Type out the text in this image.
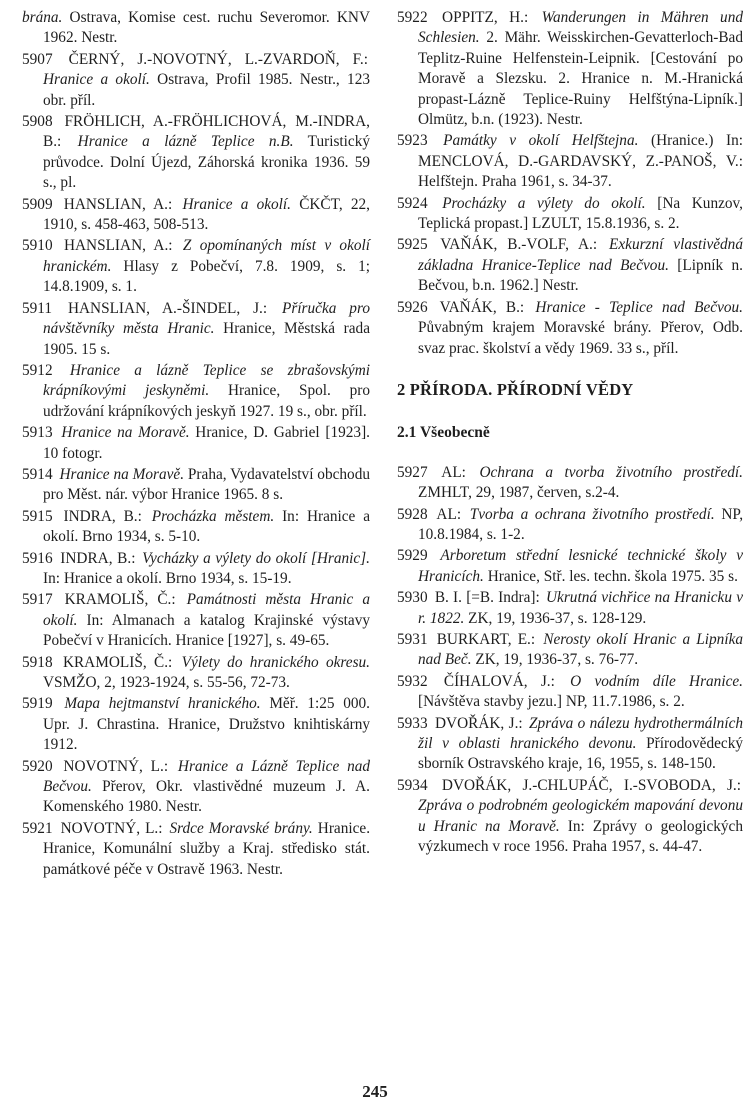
brána. Ostrava, Komise cest. ruchu Severomor. KNV 1962. Nestr.

5907 ČERNÝ, J.-NOVOTNÝ, L.-ZVARDOŇ, F.: Hranice a okolí. Ostrava, Profil 1985. Nestr., 123 obr. příl.

5908 FRÖHLICH, A.-FRÖHLICHOVÁ, M.-INDRA, B.: Hranice a lázně Teplice n.B. Turistický průvodce. Dolní Újezd, Záhorská kronika 1936. 59 s., pl.

5909 HANSLIAN, A.: Hranice a okolí. ČKČT, 22, 1910, s. 458-463, 508-513.

5910 HANSLIAN, A.: Z opomínaných míst v okolí hranickém. Hlasy z Pobečví, 7.8. 1909, s. 1; 14.8.1909, s. 1.

5911 HANSLIAN, A.-ŠINDEL, J.: Příručka pro návštěvníky města Hranic. Hranice, Městská rada 1905. 15 s.

5912 Hranice a lázně Teplice se zbrašovskými krápníkovými jeskyněmi. Hranice, Spol. pro udržování krápníkových jeskyň 1927. 19 s., obr. příl.

5913 Hranice na Moravě. Hranice, D. Gabriel [1923]. 10 fotogr.

5914 Hranice na Moravě. Praha, Vydavatelství obchodu pro Měst. nár. výbor Hranice 1965. 8 s.

5915 INDRA, B.: Procházka městem. In: Hranice a okolí. Brno 1934, s. 5-10.

5916 INDRA, B.: Vycházky a výlety do okolí [Hranic]. In: Hranice a okolí. Brno 1934, s. 15-19.

5917 KRAMOLIŠ, Č.: Památnosti města Hranic a okolí. In: Almanach a katalog Krajinské výstavy Pobečví v Hranicích. Hranice [1927], s. 49-65.

5918 KRAMOLIŠ, Č.: Výlety do hranického okresu. VSMŽO, 2, 1923-1924, s. 55-56, 72-73.

5919 Mapa hejtmanství hranického. Měř. 1:25 000. Upr. J. Chrastina. Hranice, Družstvo knihtiskárny 1912.

5920 NOVOTNÝ, L.: Hranice a Lázně Teplice nad Bečvou. Přerov, Okr. vlastivědné muzeum J. A. Komenského 1980. Nestr.

5921 NOVOTNÝ, L.: Srdce Moravské brány. Hranice. Hranice, Komunální služby a Kraj. středisko stát. památkové péče v Ostravě 1963. Nestr.

5922 OPPITZ, H.: Wanderungen in Mähren und Schlesien. 2. Mähr. Weisskirchen-Gevatterloch-Bad Teplitz-Ruine Helfenstein-Leipnik. [Cestování po Moravě a Slezsku. 2. Hranice n. M.-Hranická propast-Lázně Teplice-Ruiny Helfštýna-Lipník.] Olmütz, b.n. (1923). Nestr.

5923 Památky v okolí Helfštejna. (Hranice.) In: MENCLOVÁ, D.-GARDAVSKÝ, Z.-PANOŠ, V.: Helfštejn. Praha 1961, s. 34-37.

5924 Procházky a výlety do okolí. [Na Kunzov, Teplická propast.] LZULT, 15.8.1936, s. 2.

5925 VAŇÁK, B.-VOLF, A.: Exkurzní vlastivědná základna Hranice-Teplice nad Bečvou. [Lipník n. Bečvou, b.n. 1962.] Nestr.

5926 VAŇÁK, B.: Hranice - Teplice nad Bečvou. Půvabným krajem Moravské brány. Přerov, Odb. svaz prac. školství a vědy 1969. 33 s., příl.

2 PŘÍRODA. PŘÍRODNÍ VĚDY
2.1 Všeobecně

5927 AL: Ochrana a tvorba životního prostředí. ZMHLT, 29, 1987, červen, s.2-4.

5928 AL: Tvorba a ochrana životního prostředí. NP, 10.8.1984, s. 1-2.

5929 Arboretum střední lesnické technické školy v Hranicích. Hranice, Stř. les. techn. škola 1975. 35 s.

5930 B. I. [=B. Indra]: Ukrutná vichřice na Hranicku v r. 1822. ZK, 19, 1936-37, s. 128-129.

5931 BURKART, E.: Nerosty okolí Hranic a Lipníka nad Beč. ZK, 19, 1936-37, s. 76-77.

5932 ČÍHALOVÁ, J.: O vodním díle Hranice. [Návštěva stavby jezu.] NP, 11.7.1986, s. 2.

5933 DVOŘÁK, J.: Zpráva o nálezu hydrothermálních žil v oblasti hranického devonu. Přírodovědecký sborník Ostravského kraje, 16, 1955, s. 148-150.

5934 DVOŘÁK, J.-CHLUPÁČ, I.-SVOBODA, J.: Zpráva o podrobném geologickém mapování devonu u Hranic na Moravě. In: Zprávy o geologických výzkumech v roce 1956. Praha 1957, s. 44-47.

245
